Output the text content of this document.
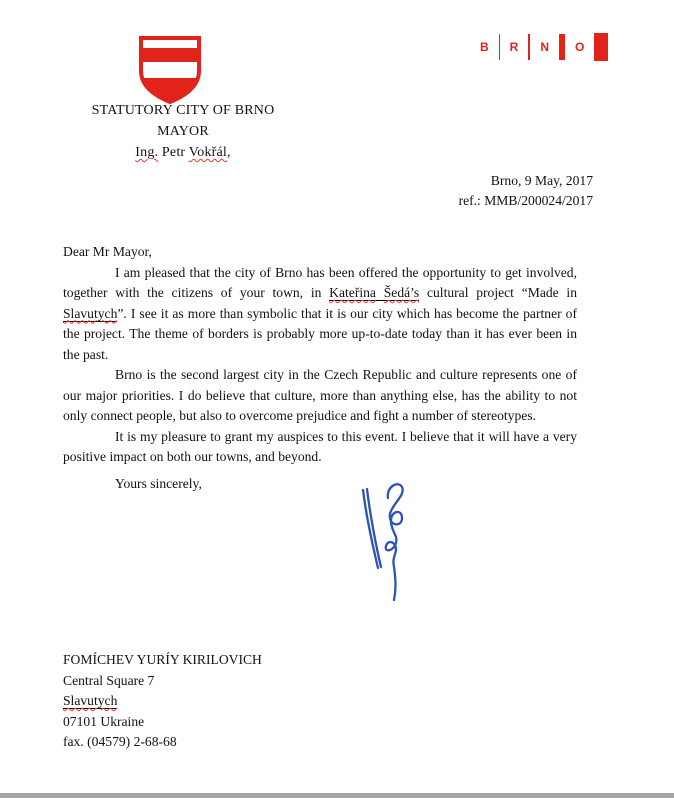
STATUTORY CITY OF BRNO
MAYOR
Ing. Petr Vokřál,
B R N O
Brno, 9 May, 2017
ref.: MMB/200024/2017

Dear Mr Mayor,

I am pleased that the city of Brno has been offered the opportunity to get involved, together with the citizens of your town, in Kateřina Šedá’s cultural project “Made in Slavutych”. I see it as more than symbolic that it is our city which has become the partner of the project. The theme of borders is probably more up-to-date today than it has ever been in the past.

Brno is the second largest city in the Czech Republic and culture represents one of our major priorities. I do believe that culture, more than anything else, has the ability to not only connect people, but also to overcome prejudice and fight a number of stereotypes.

It is my pleasure to grant my auspices to this event. I believe that it will have a very positive impact on both our towns, and beyond.

Yours sincerely,

FOMÍCHEV YURÍY KIRILOVICH
Central Square 7
Slavutych
07101 Ukraine
fax. (04579) 2-68-68
